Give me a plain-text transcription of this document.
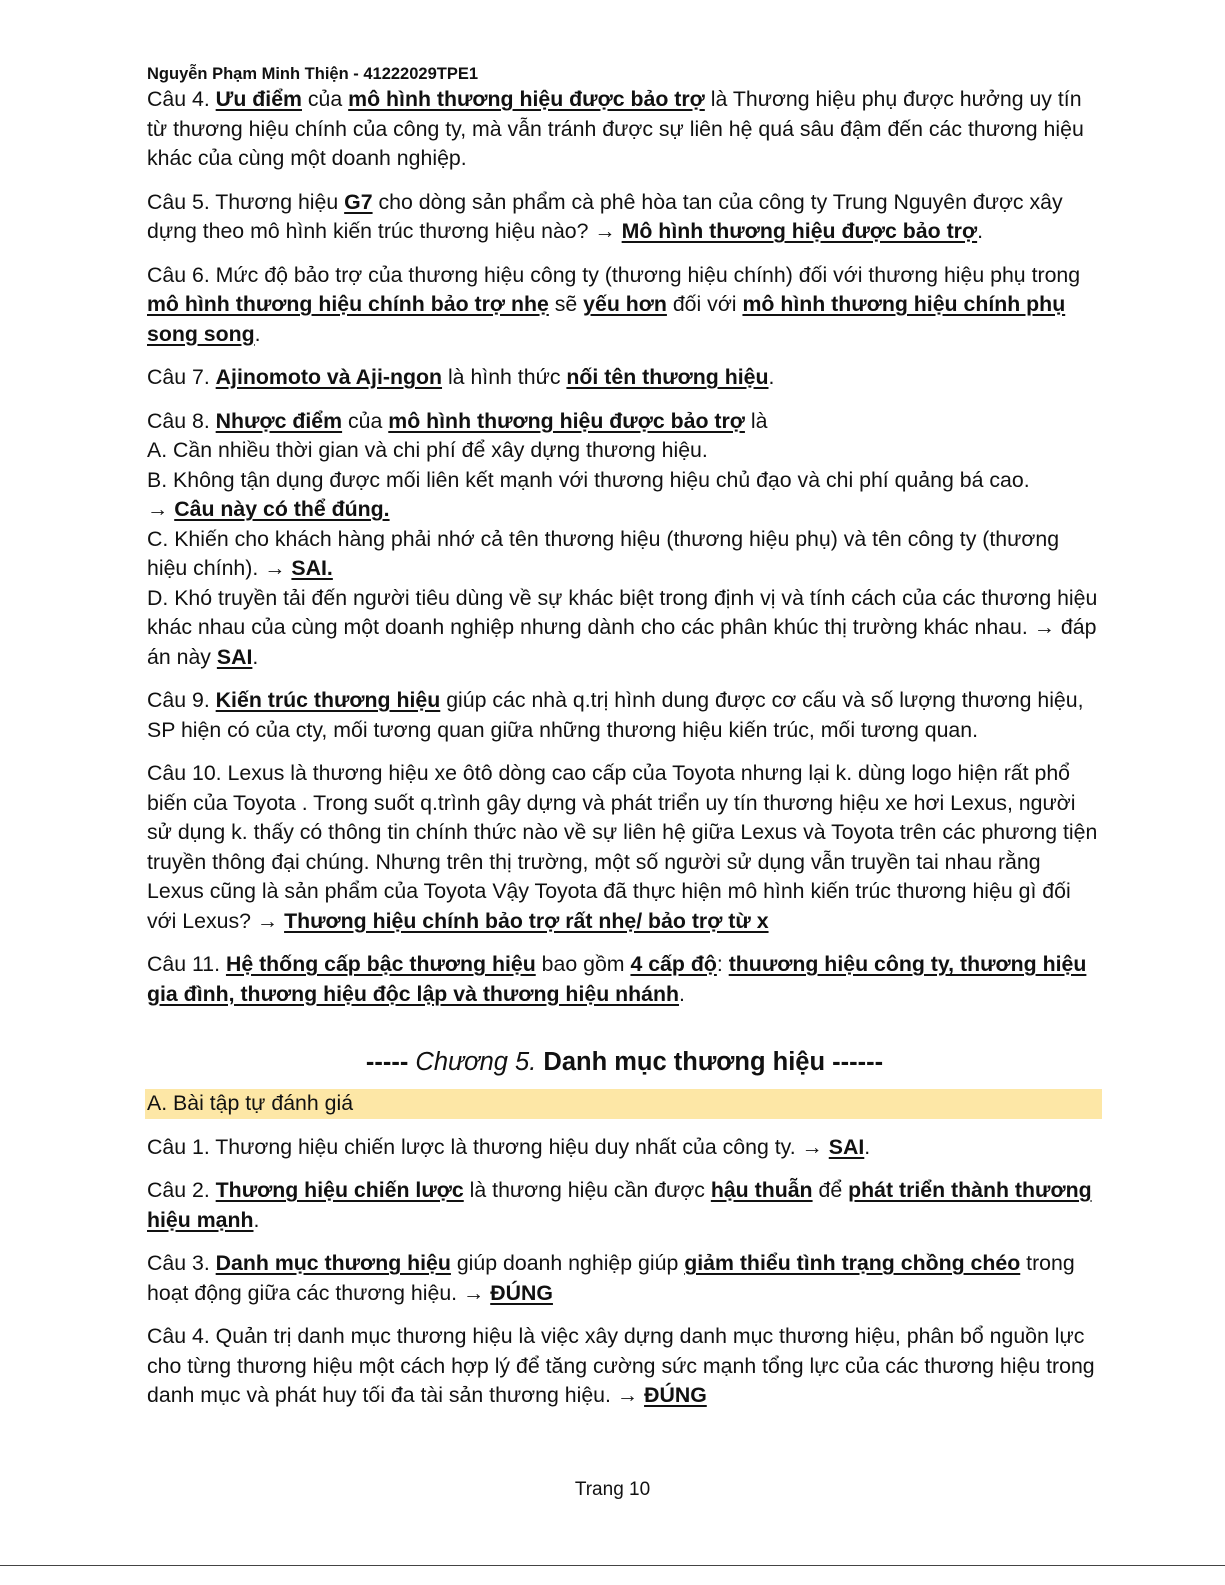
Nguyễn Phạm Minh Thiện - 41222029TPE1

Câu 4. Ưu điểm của mô hình thương hiệu được bảo trợ là Thương hiệu phụ được hưởng uy tín từ thương hiệu chính của công ty, mà vẫn tránh được sự liên hệ quá sâu đậm đến các thương hiệu khác của cùng một doanh nghiệp.

Câu 5. Thương hiệu G7 cho dòng sản phẩm cà phê hòa tan của công ty Trung Nguyên được xây dựng theo mô hình kiến trúc thương hiệu nào? → Mô hình thương hiệu được bảo trợ.

Câu 6. Mức độ bảo trợ của thương hiệu công ty (thương hiệu chính) đối với thương hiệu phụ trong mô hình thương hiệu chính bảo trợ nhẹ sẽ yếu hơn đối với mô hình thương hiệu chính phụ song song.

Câu 7. Ajinomoto và Aji-ngon là hình thức nối tên thương hiệu.

Câu 8. Nhược điểm của mô hình thương hiệu được bảo trợ là

A. Cần nhiều thời gian và chi phí để xây dựng thương hiệu.

B. Không tận dụng được mối liên kết mạnh với thương hiệu chủ đạo và chi phí quảng bá cao.

→ Câu này có thể đúng.

C. Khiến cho khách hàng phải nhớ cả tên thương hiệu (thương hiệu phụ) và tên công ty (thương hiệu chính). → SAI.

D. Khó truyền tải đến người tiêu dùng về sự khác biệt trong định vị và tính cách của các thương hiệu khác nhau của cùng một doanh nghiệp nhưng dành cho các phân khúc thị trường khác nhau. → đáp án này SAI.

Câu 9. Kiến trúc thương hiệu giúp các nhà q.trị hình dung được cơ cấu và số lượng thương hiệu, SP hiện có của cty, mối tương quan giữa những thương hiệu kiến trúc, mối tương quan.

Câu 10. Lexus là thương hiệu xe ôtô dòng cao cấp của Toyota nhưng lại k. dùng logo hiện rất phổ biến của Toyota . Trong suốt q.trình gây dựng và phát triển uy tín thương hiệu xe hơi Lexus, người sử dụng k. thấy có thông tin chính thức nào về sự liên hệ giữa Lexus và Toyota trên các phương tiện truyền thông đại chúng. Nhưng trên thị trường, một số người sử dụng vẫn truyền tai nhau rằng Lexus cũng là sản phẩm của Toyota Vậy Toyota đã thực hiện mô hình kiến trúc thương hiệu gì đối với Lexus? → Thương hiệu chính bảo trợ rất nhẹ/ bảo trợ từ x

Câu 11. Hệ thống cấp bậc thương hiệu bao gồm 4 cấp độ: thuương hiệu công ty, thương hiệu gia đình, thương hiệu độc lập và thương hiệu nhánh.

----- Chương 5. Danh mục thương hiệu ------
A. Bài tập tự đánh giá

Câu 1. Thương hiệu chiến lược là thương hiệu duy nhất của công ty. → SAI.

Câu 2. Thương hiệu chiến lược là thương hiệu cần được hậu thuẫn để phát triển thành thương hiệu mạnh.

Câu 3. Danh mục thương hiệu giúp doanh nghiệp giúp giảm thiểu tình trạng chồng chéo trong hoạt động giữa các thương hiệu. → ĐÚNG

Câu 4. Quản trị danh mục thương hiệu là việc xây dựng danh mục thương hiệu, phân bổ nguồn lực cho từng thương hiệu một cách hợp lý để tăng cường sức mạnh tổng lực của các thương hiệu trong danh mục và phát huy tối đa tài sản thương hiệu. → ĐÚNG

Trang 10
